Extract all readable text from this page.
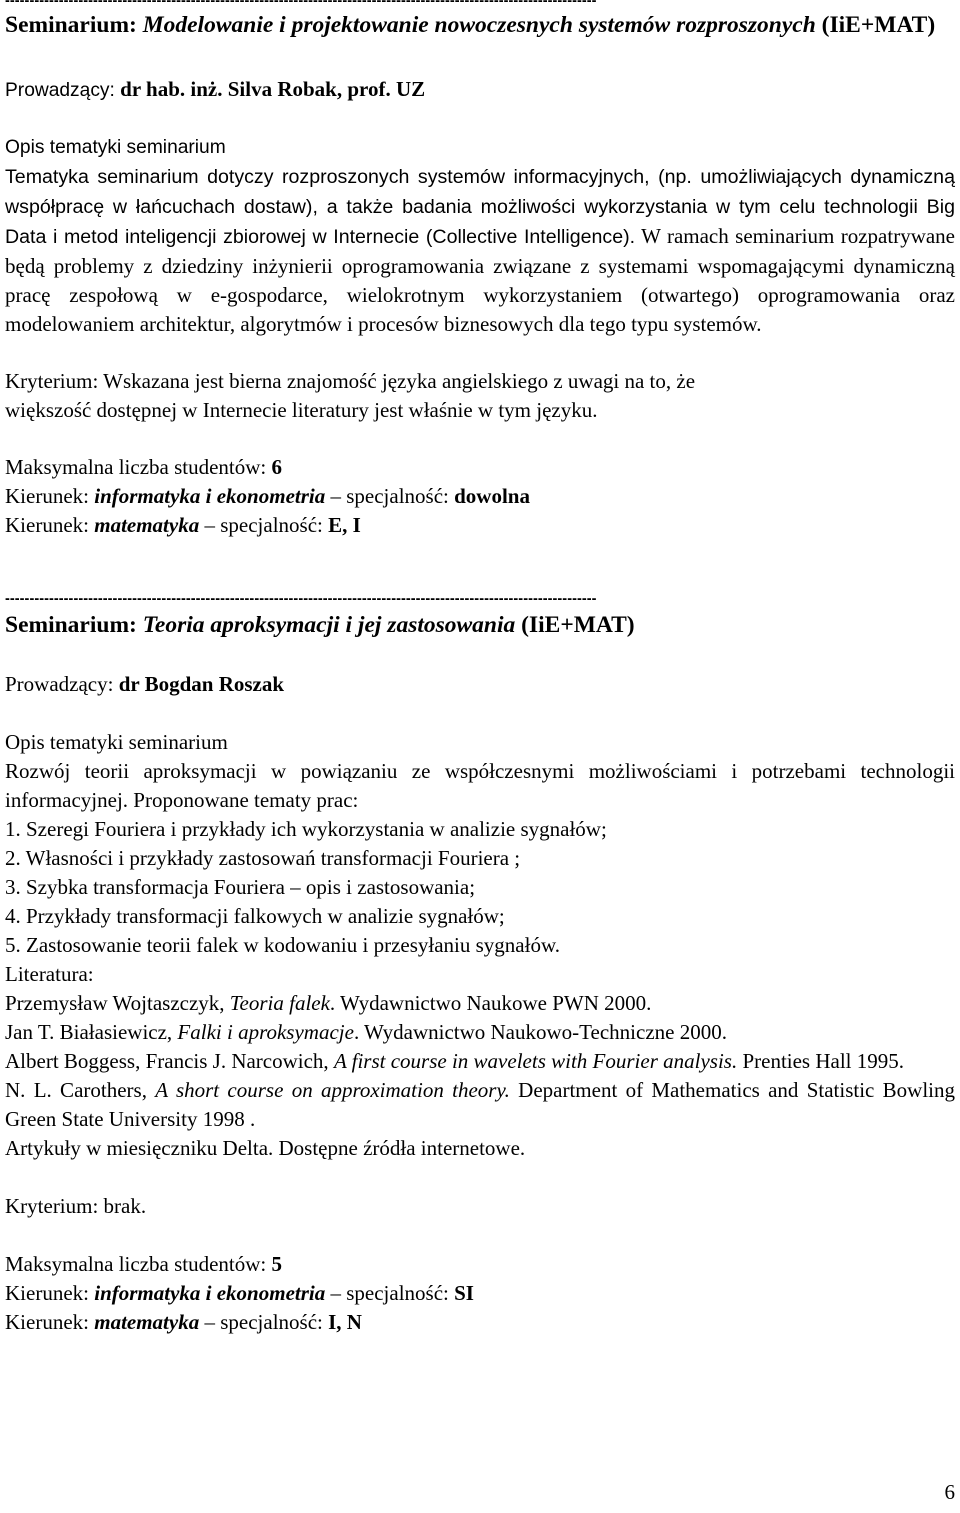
-------------------------------------------------------------------------------------------------------------------------

Seminarium: Modelowanie i projektowanie nowoczesnych systemów rozproszonych (IiE+MAT)

Prowadzący: dr hab. inż. Silva Robak, prof. UZ

Opis tematyki seminarium

Tematyka seminarium dotyczy rozproszonych systemów informacyjnych, (np. umożliwiających dynamiczną współpracę w łańcuchach dostaw), a także badania możliwości wykorzystania w tym celu technologii Big Data i metod inteligencji zbiorowej w Internecie (Collective Intelligence). W ramach seminarium rozpatrywane będą problemy z dziedziny inżynierii oprogramowania związane z systemami wspomagającymi dynamiczną pracę zespołową w e-gospodarce, wielokrotnym wykorzystaniem (otwartego) oprogramowania oraz modelowaniem architektur, algorytmów i procesów biznesowych dla tego typu systemów.

Kryterium: Wskazana jest bierna znajomość języka angielskiego z uwagi na to, że
większość dostępnej w Internecie literatury jest właśnie w tym języku.

Maksymalna liczba studentów: 6

Kierunek: informatyka i ekonometria – specjalność: dowolna

Kierunek: matematyka – specjalność: E, I

-------------------------------------------------------------------------------------------------------------------------

Seminarium: Teoria aproksymacji i jej zastosowania (IiE+MAT)

Prowadzący: dr Bogdan Roszak

Opis tematyki seminarium

Rozwój teorii aproksymacji w powiązaniu ze współczesnymi możliwościami i potrzebami technologii informacyjnej. Proponowane tematy prac:

1. Szeregi Fouriera i przykłady ich wykorzystania w analizie sygnałów;

2. Własności i przykłady zastosowań transformacji Fouriera ;

3. Szybka transformacja Fouriera – opis i zastosowania;

4. Przykłady transformacji falkowych w analizie sygnałów;

5. Zastosowanie teorii falek w kodowaniu i przesyłaniu sygnałów.

Literatura:

Przemysław Wojtaszczyk, Teoria falek. Wydawnictwo Naukowe PWN 2000.

Jan T. Białasiewicz, Falki i aproksymacje. Wydawnictwo Naukowo-Techniczne 2000.

Albert Boggess, Francis J. Narcowich, A first course in wavelets with Fourier analysis. Prenties Hall 1995.

N. L. Carothers, A short course on approximation theory. Department of Mathematics and Statistic Bowling Green State University 1998 .

Artykuły w miesięczniku Delta. Dostępne źródła internetowe.

Kryterium: brak.

Maksymalna liczba studentów: 5

Kierunek: informatyka i ekonometria – specjalność: SI

Kierunek: matematyka – specjalność: I, N

6
